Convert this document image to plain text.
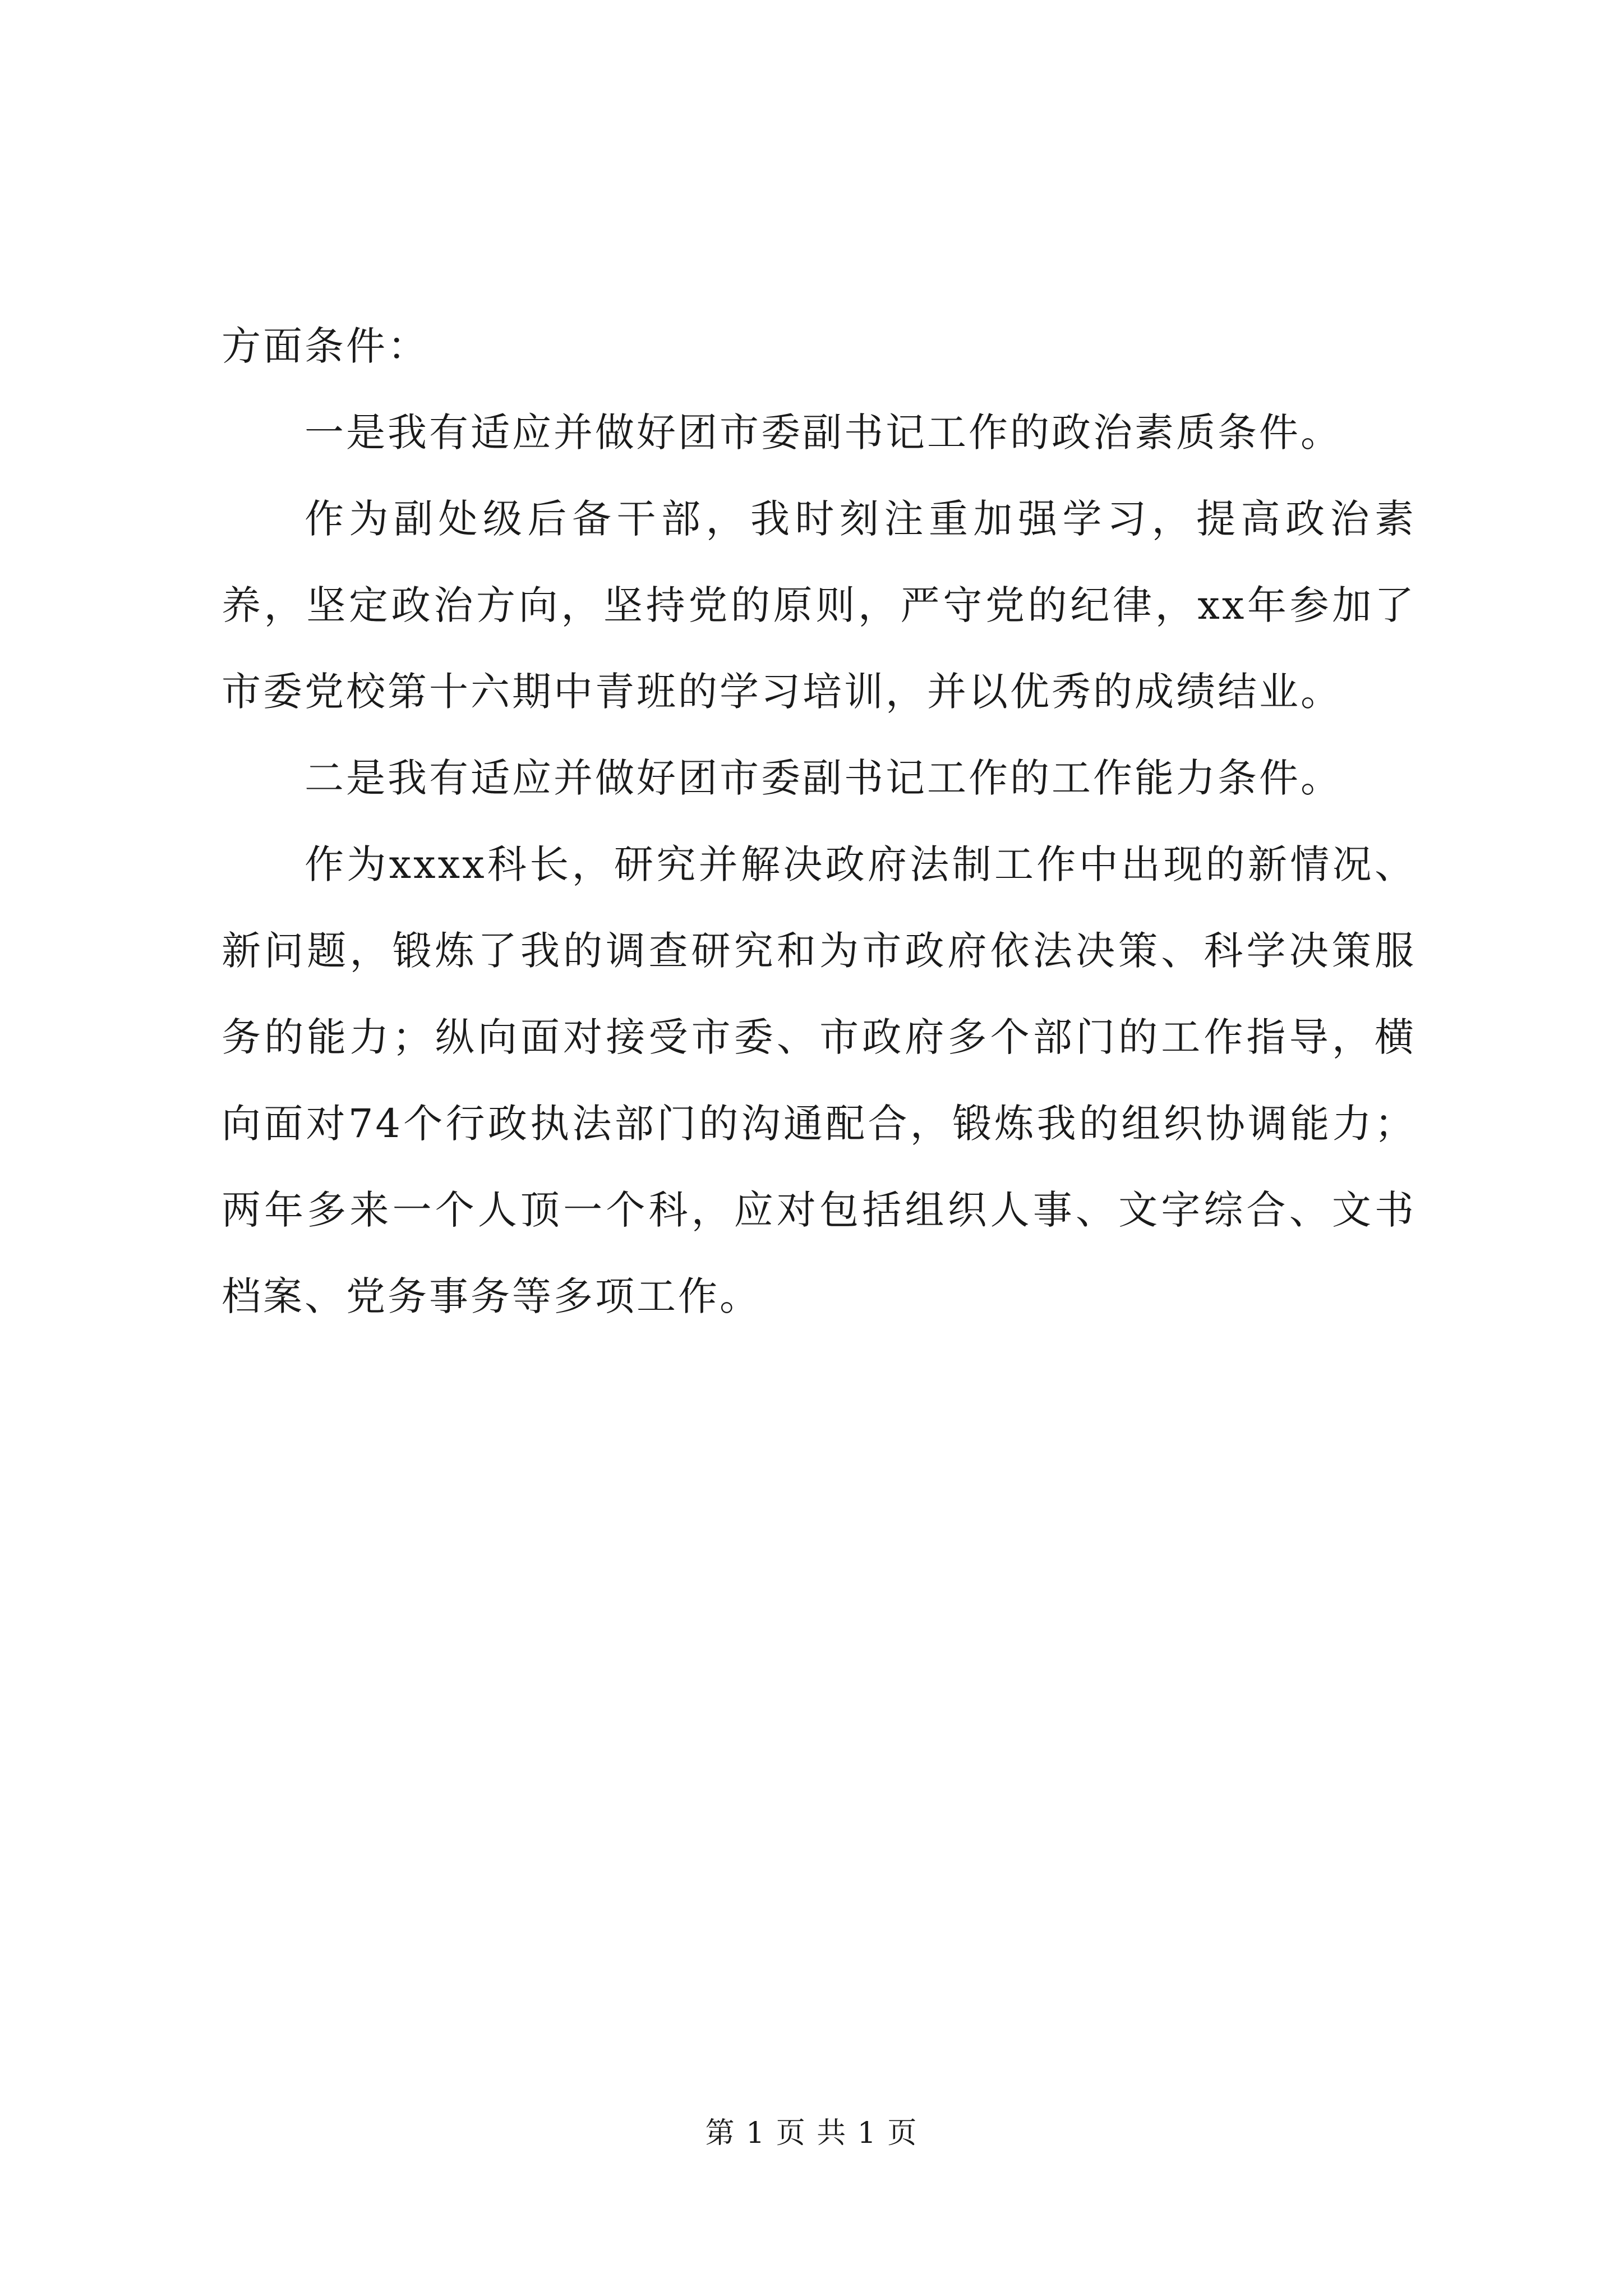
方面条件：

一是我有适应并做好团市委副书记工作的政治素质条件。

作为副处级后备干部，我时刻注重加强学习，提高政治素养，坚定政治方向，坚持党的原则，严守党的纪律，xx年参加了市委党校第十六期中青班的学习培训，并以优秀的成绩结业。

二是我有适应并做好团市委副书记工作的工作能力条件。

作为xxxx科长，研究并解决政府法制工作中出现的新情况、新问题，锻炼了我的调查研究和为市政府依法决策、科学决策服务的能力；纵向面对接受市委、市政府多个部门的工作指导，横向面对74个行政执法部门的沟通配合，锻炼我的组织协调能力；两年多来一个人顶一个科，应对包括组织人事、文字综合、文书档案、党务事务等多项工作。

第 1 页 共 1 页
